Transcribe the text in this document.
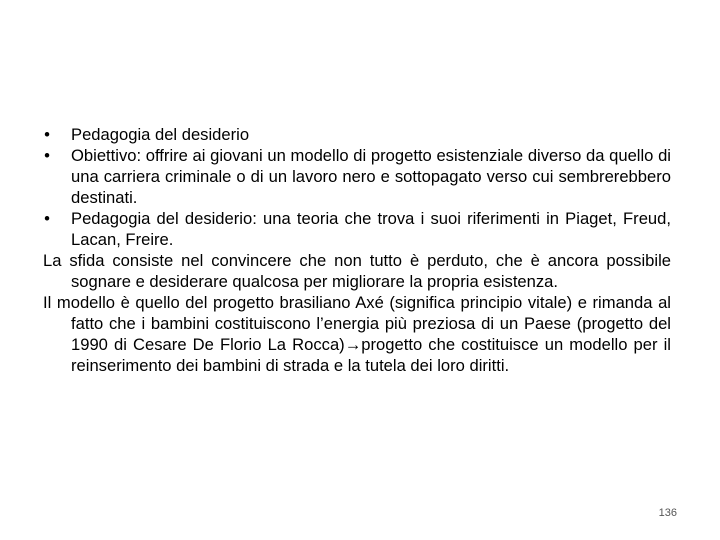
• Pedagogia del desiderio

• Obiettivo: offrire ai giovani un modello di progetto esistenziale diverso da quello di una carriera criminale o di un lavoro nero e sottopagato verso cui sembrerebbero destinati.

• Pedagogia del desiderio: una teoria che trova i suoi riferimenti in Piaget, Freud, Lacan, Freire.

La sfida consiste nel convincere che non tutto è perduto, che è ancora possibile sognare e desiderare qualcosa per migliorare la propria esistenza.

Il modello è quello del progetto brasiliano Axé (significa principio vitale) e rimanda al fatto che i bambini costituiscono l’energia più preziosa di un Paese (progetto del 1990 di Cesare De Florio La Rocca)→progetto che costituisce un modello per il reinserimento dei bambini di strada e la tutela dei loro diritti.

136
